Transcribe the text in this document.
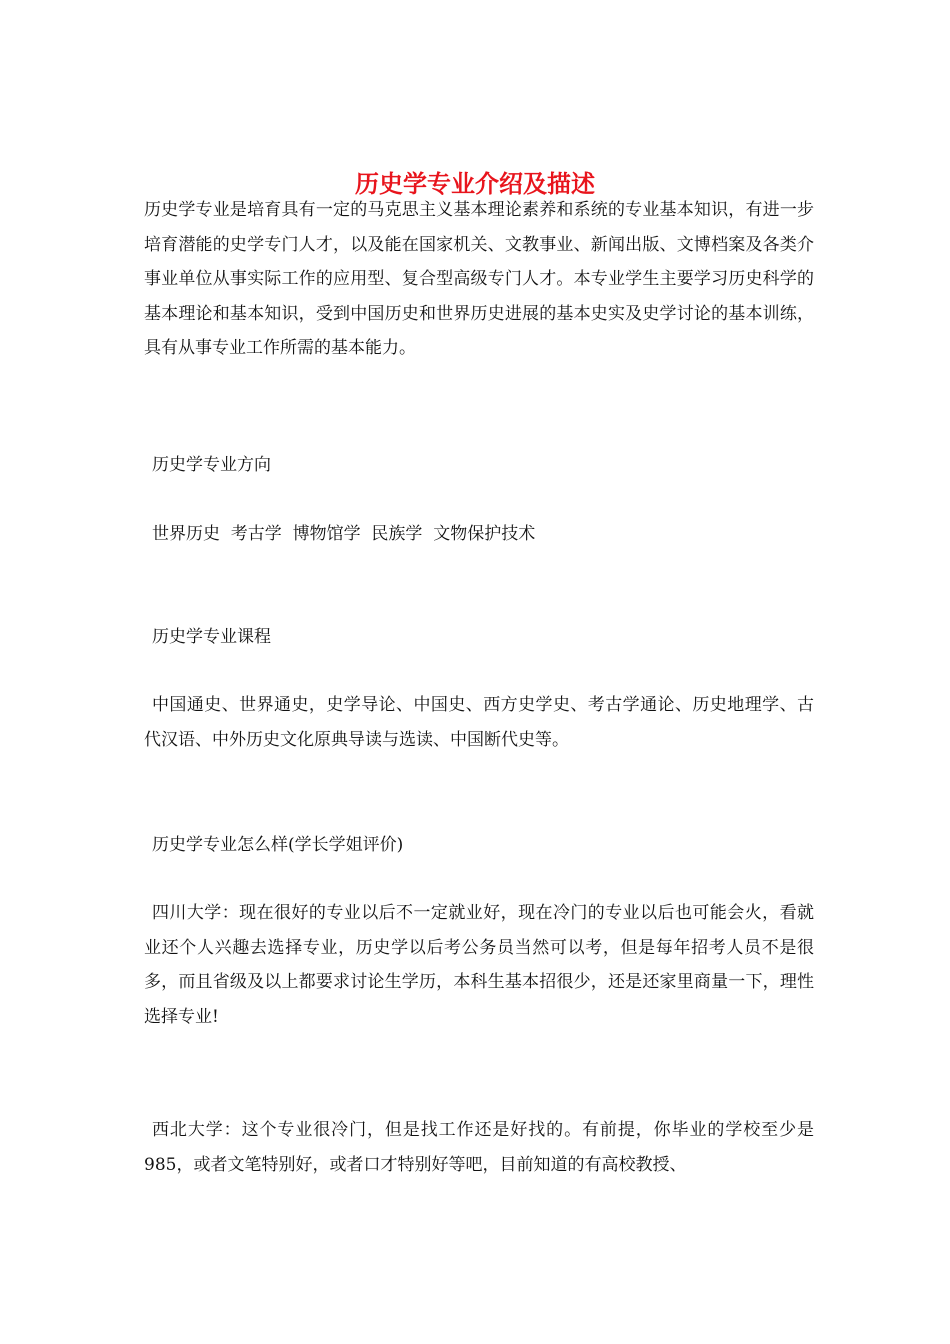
历史学专业介绍及描述

历史学专业是培育具有一定的马克思主义基本理论素养和系统的专业基本知识，有进一步培育潜能的史学专门人才，以及能在国家机关、文教事业、新闻出版、文博档案及各类介事业单位从事实际工作的应用型、复合型高级专门人才。本专业学生主要学习历史科学的基本理论和基本知识，受到中国历史和世界历史进展的基本史实及史学讨论的基本训练，具有从事专业工作所需的基本能力。

历史学专业方向

世界历史  考古学  博物馆学  民族学  文物保护技术

历史学专业课程

中国通史、世界通史，史学导论、中国史、西方史学史、考古学通论、历史地理学、古代汉语、中外历史文化原典导读与选读、中国断代史等。

历史学专业怎么样(学长学姐评价)

四川大学：现在很好的专业以后不一定就业好，现在冷门的专业以后也可能会火，看就业还个人兴趣去选择专业，历史学以后考公务员当然可以考，但是每年招考人员不是很多，而且省级及以上都要求讨论生学历，本科生基本招很少，还是还家里商量一下，理性选择专业!

西北大学：这个专业很冷门，但是找工作还是好找的。有前提，你毕业的学校至少是985，或者文笔特别好，或者口才特别好等吧，目前知道的有高校教授、
